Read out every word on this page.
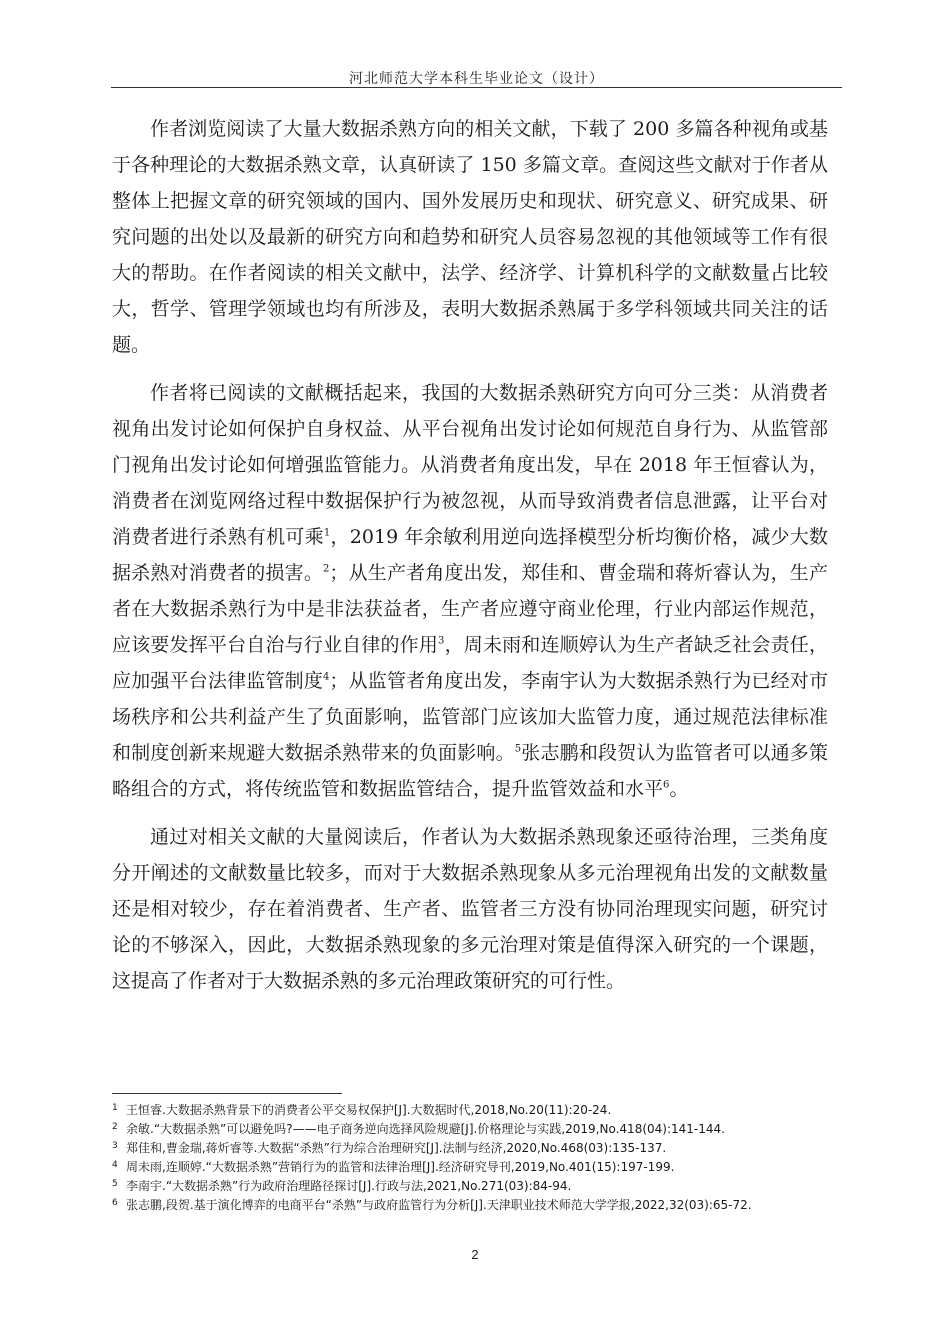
河北师范大学本科生毕业论文（设计）

作者浏览阅读了大量大数据杀熟方向的相关文献，下载了 200 多篇各种视角或基于各种理论的大数据杀熟文章，认真研读了 150 多篇文章。查阅这些文献对于作者从整体上把握文章的研究领域的国内、国外发展历史和现状、研究意义、研究成果、研究问题的出处以及最新的研究方向和趋势和研究人员容易忽视的其他领域等工作有很大的帮助。在作者阅读的相关文献中，法学、经济学、计算机科学的文献数量占比较大，哲学、管理学领域也均有所涉及，表明大数据杀熟属于多学科领域共同关注的话题。

作者将已阅读的文献概括起来，我国的大数据杀熟研究方向可分三类：从消费者视角出发讨论如何保护自身权益、从平台视角出发讨论如何规范自身行为、从监管部门视角出发讨论如何增强监管能力。从消费者角度出发，早在 2018 年王恒睿认为，消费者在浏览网络过程中数据保护行为被忽视，从而导致消费者信息泄露，让平台对消费者进行杀熟有机可乘$^1$，2019 年余敏利用逆向选择模型分析均衡价格，减少大数据杀熟对消费者的损害。$^2$；从生产者角度出发，郑佳和、曹金瑞和蒋炘睿认为，生产者在大数据杀熟行为中是非法获益者，生产者应遵守商业伦理，行业内部运作规范，应该要发挥平台自治与行业自律的作用$^3$，周未雨和连顺婷认为生产者缺乏社会责任，应加强平台法律监管制度$^4$；从监管者角度出发，李南宇认为大数据杀熟行为已经对市场秩序和公共利益产生了负面影响，监管部门应该加大监管力度，通过规范法律标准和制度创新来规避大数据杀熟带来的负面影响。$^5$张志鹏和段贺认为监管者可以通多策略组合的方式，将传统监管和数据监管结合，提升监管效益和水平$^6$。

通过对相关文献的大量阅读后，作者认为大数据杀熟现象还亟待治理，三类角度分开阐述的文献数量比较多，而对于大数据杀熟现象从多元治理视角出发的文献数量还是相对较少，存在着消费者、生产者、监管者三方没有协同治理现实问题，研究讨论的不够深入，因此，大数据杀熟现象的多元治理对策是值得深入研究的一个课题，这提高了作者对于大数据杀熟的多元治理政策研究的可行性。

1 王恒睿.大数据杀熟背景下的消费者公平交易权保护[J].大数据时代,2018,No.20(11):20-24.
2 余敏.“大数据杀熟”可以避免吗?——电子商务逆向选择风险规避[J].价格理论与实践,2019,No.418(04):141-144.
3 郑佳和,曹金瑞,蒋炘睿等.大数据“杀熟”行为综合治理研究[J].法制与经济,2020,No.468(03):135-137.
4 周未雨,连顺婷.“大数据杀熟”营销行为的监管和法律治理[J].经济研究导刊,2019,No.401(15):197-199.
5 李南宇.“大数据杀熟”行为政府治理路径探讨[J].行政与法,2021,No.271(03):84-94.
6 张志鹏,段贺.基于演化博弈的电商平台“杀熟”与政府监管行为分析[J].天津职业技术师范大学学报,2022,32(03):65-72.
2
